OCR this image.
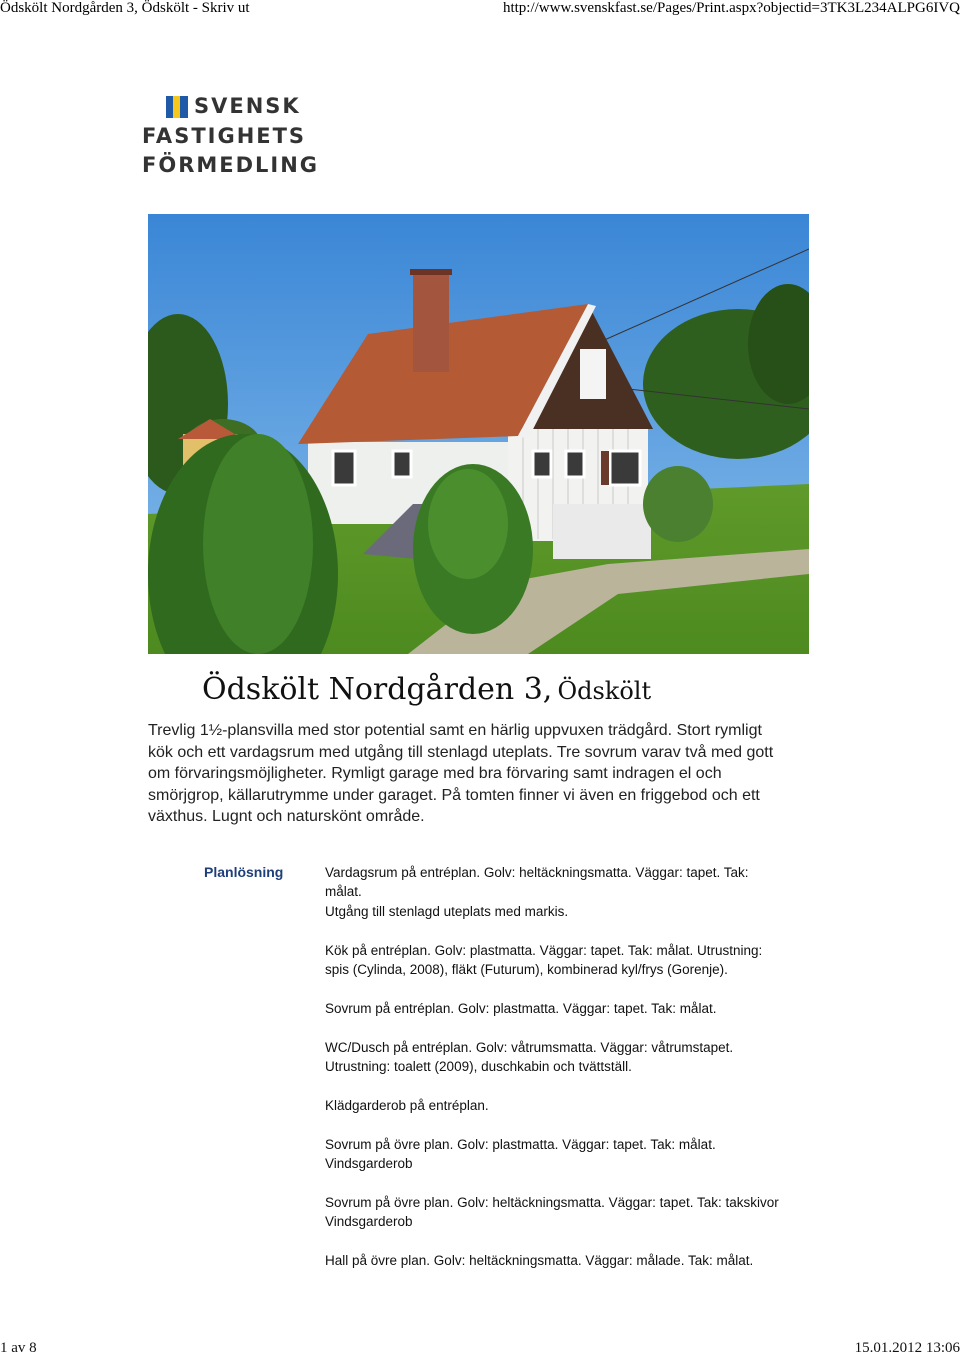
Ödskölt Nordgården 3, Ödskölt - Skriv ut	http://www.svenskfast.se/Pages/Print.aspx?objectid=3TK3L234ALPG6IVQ
SVENSK
FASTIGHETS
FÖRMEDLING
Ödskölt Nordgården 3, Ödskölt
Trevlig 1½-plansvilla med stor potential samt en härlig uppvuxen trädgård. Stort rymligt
kök och ett vardagsrum med utgång till stenlagd uteplats. Tre sovrum varav två med gott
om förvaringsmöjligheter. Rymligt garage med bra förvaring samt indragen el och
smörjgrop, källarutrymme under garaget. På tomten finner vi även en friggebod och ett
växthus. Lugnt och naturskönt område.
Planlösning	Vardagsrum på entréplan. Golv: heltäckningsmatta. Väggar: tapet. Tak:
målat.
Utgång till stenlagd uteplats med markis.
Kök på entréplan. Golv: plastmatta. Väggar: tapet. Tak: målat. Utrustning:
spis (Cylinda, 2008), fläkt (Futurum), kombinerad kyl/frys (Gorenje).
Sovrum på entréplan. Golv: plastmatta. Väggar: tapet. Tak: målat.
WC/Dusch på entréplan. Golv: våtrumsmatta. Väggar: våtrumstapet.
Utrustning: toalett (2009), duschkabin och tvättställ.
Klädgarderob på entréplan.
Sovrum på övre plan. Golv: plastmatta. Väggar: tapet. Tak: målat.
Vindsgarderob
Sovrum på övre plan. Golv: heltäckningsmatta. Väggar: tapet. Tak: takskivor
Vindsgarderob
Hall på övre plan. Golv: heltäckningsmatta. Väggar: målade. Tak: målat.
1 av 8	15.01.2012 13:06
